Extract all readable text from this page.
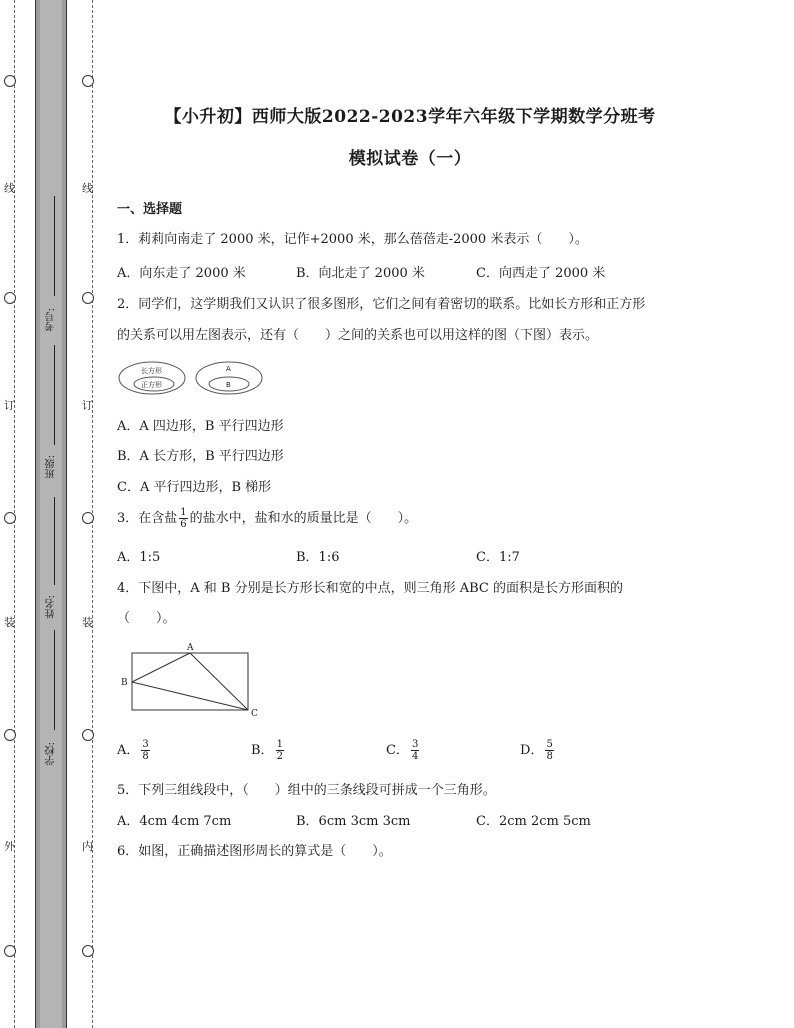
线
订
装
外
线
订
装
内
考号:
班级:
姓名:
学校:
【小升初】西师大版2022-2023学年六年级下学期数学分班考
模拟试卷（一）
一、选择题
1．莉莉向南走了 2000 米，记作+2000 米，那么蓓蓓走-2000 米表示（　　）。
A．向东走了 2000 米	B．向北走了 2000 米	C．向西走了 2000 米
2．同学们，这学期我们又认识了很多图形，它们之间有着密切的联系。比如长方形和正方形
的关系可以用左图表示，还有（　　）之间的关系也可以用这样的图（下图）表示。
长方形
正方形
A
B
A．A 四边形，B 平行四边形
B．A 长方形，B 平行四边形
C．A 平行四边形，B 梯形
3．在含盐 $\frac{1}{6}$ 的盐水中，盐和水的质量比是（　　）。
A．1:5	B．1:6	C．1:7
4．下图中，A 和 B 分别是长方形长和宽的中点，则三角形 ABC 的面积是长方形面积的
（　　）。
A
B
C
A． $\frac{3}{8}$	B． $\frac{1}{2}$	C． $\frac{3}{4}$	D． $\frac{5}{8}$
5．下列三组线段中，（　　）组中的三条线段可拼成一个三角形。
A．4cm 4cm 7cm	B．6cm 3cm 3cm	C．2cm 2cm 5cm
6．如图，正确描述图形周长的算式是（　　）。
